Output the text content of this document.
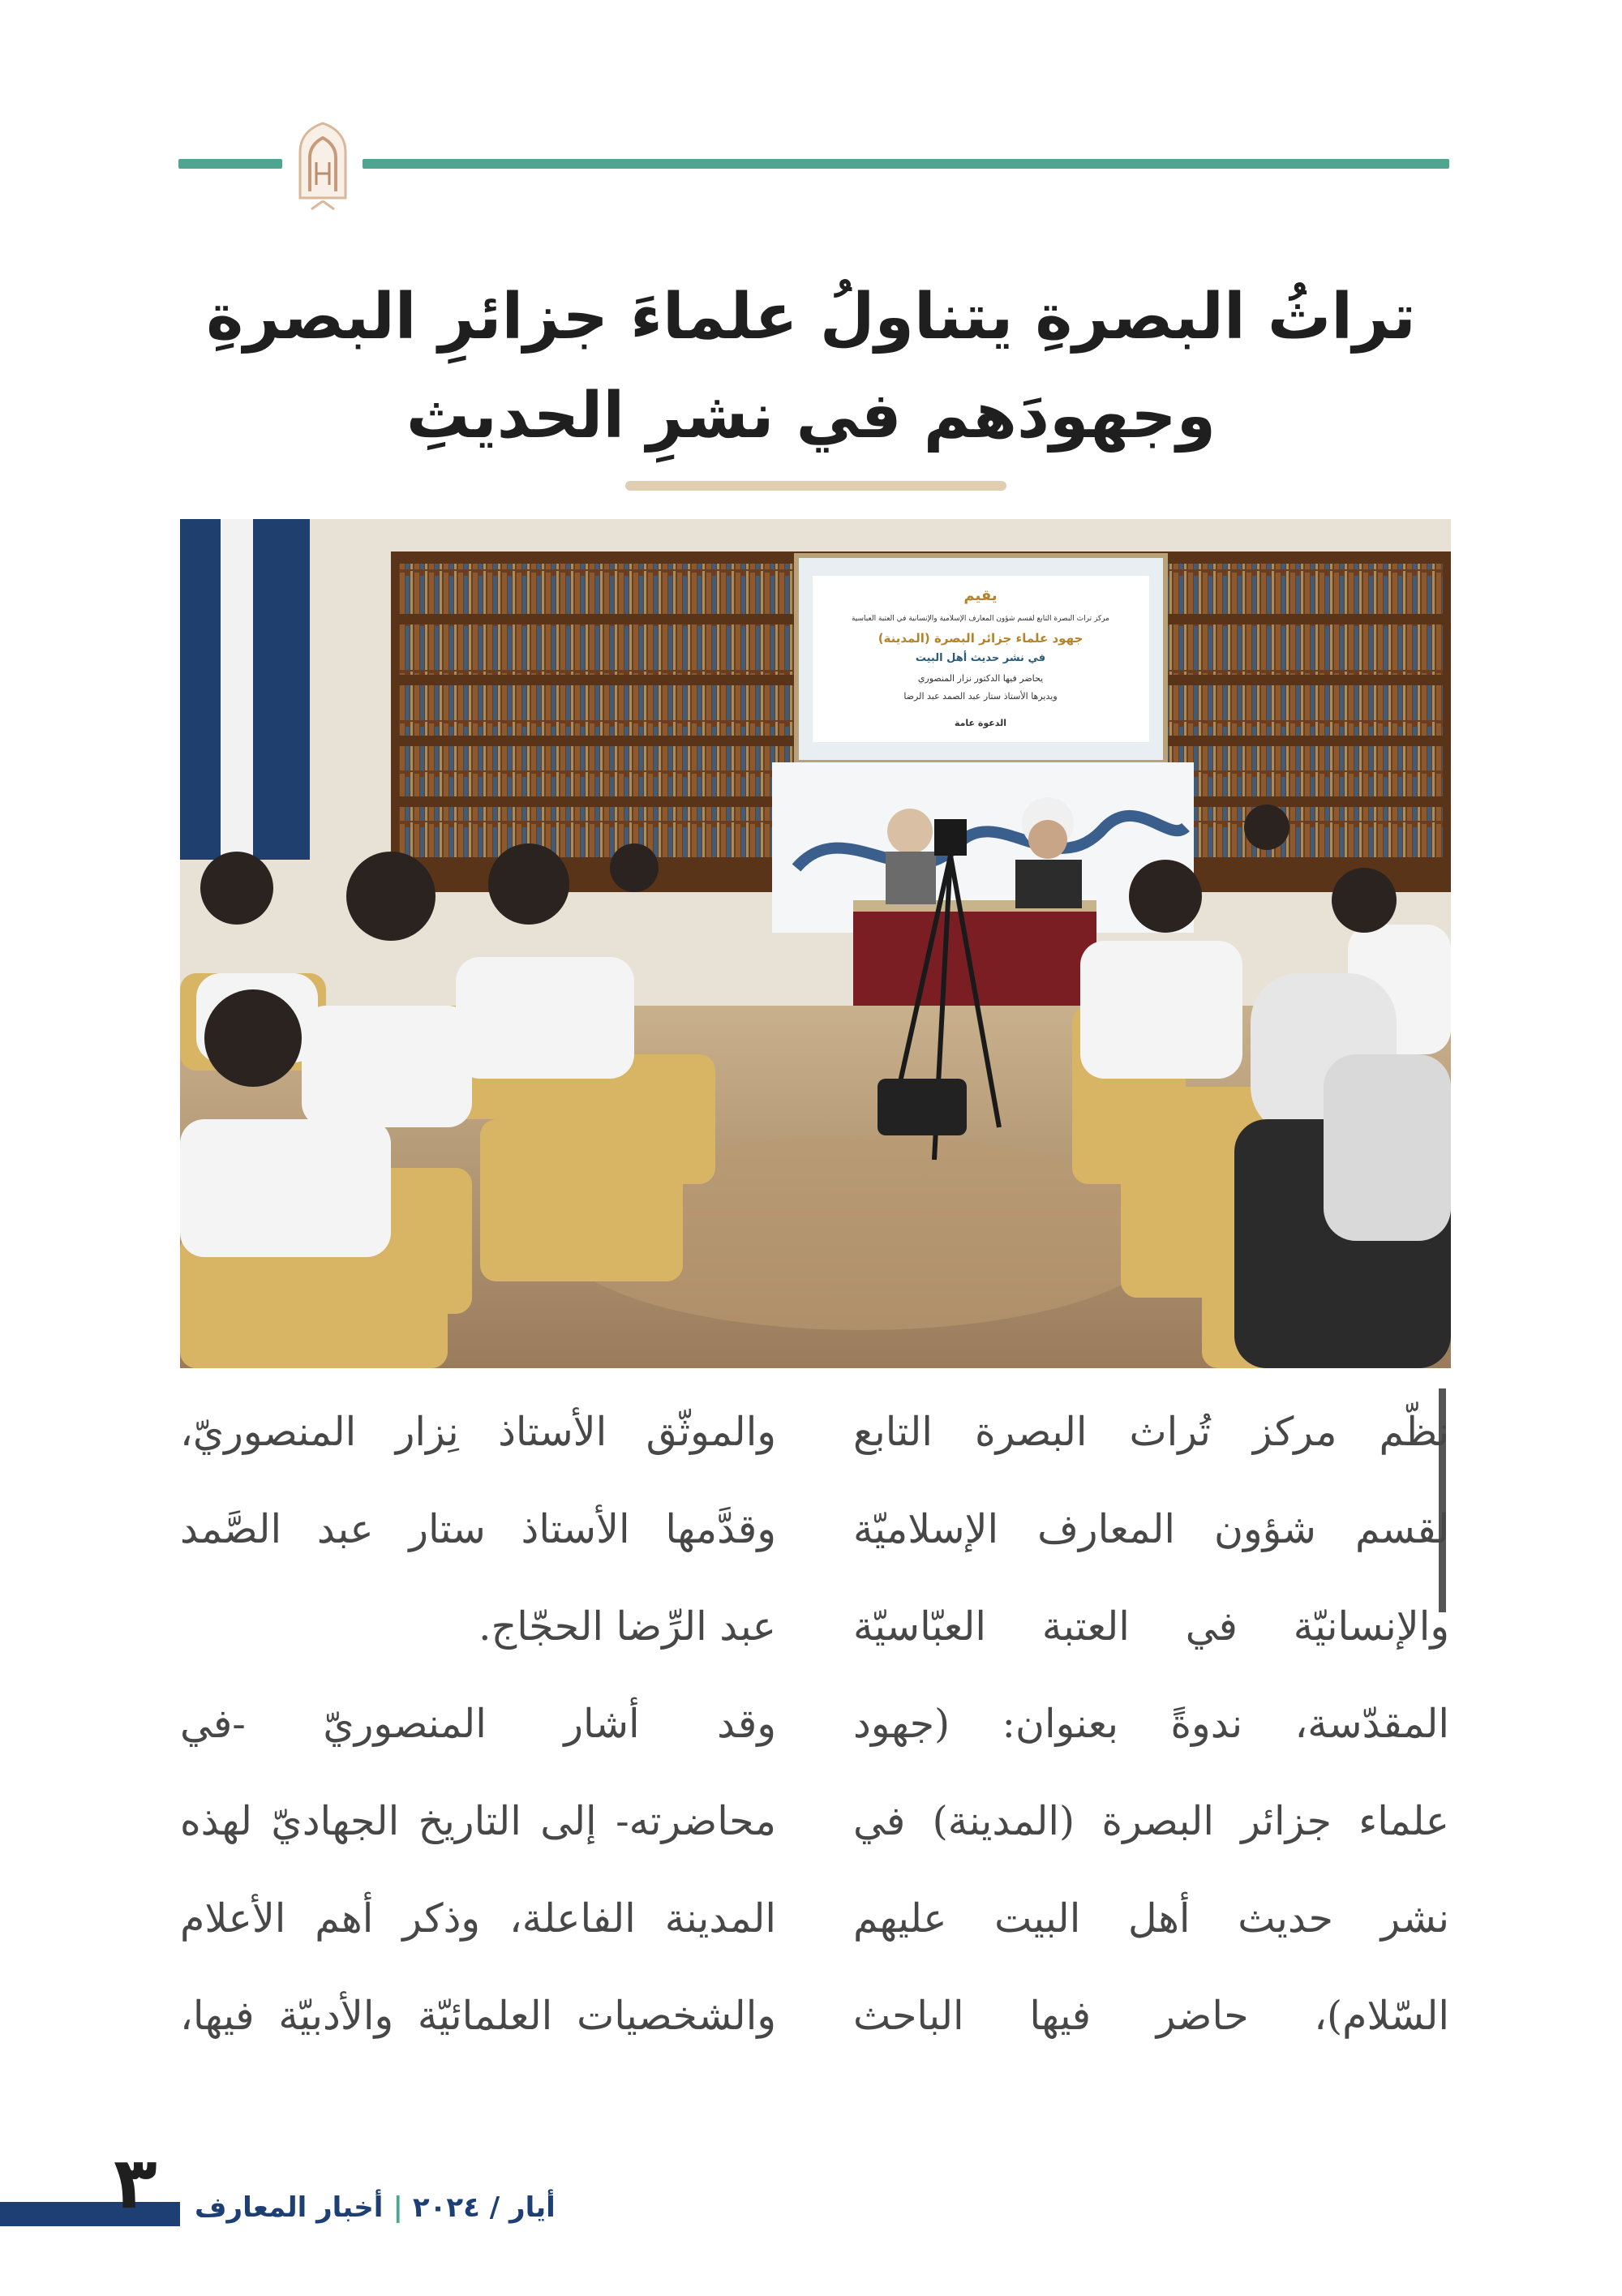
تراثُ البصرةِ يتناولُ علماءَ جزائرِ البصرةِ
وجهودَهم في نشرِ الحديثِ
يقيم
مركز تراث البصرة التابع لقسم شؤون المعارف الإسلامية والإنسانية في العتبة العباسية
جهود علماء جزائر البصرة (المدينة)
في نشر حديث أهل البيت
يحاضر فيها الدكتور نزار المنصوري
ويديرها الأستاذ ستار عبد الصمد عبد الرضا
الدعوة عامة

نظّم مركز تُراث البصرة التابع

لقسم شؤون المعارف الإسلاميّة

والإنسانيّة في العتبة العبّاسيّة

المقدّسة، ندوةً بعنوان: (جهود

علماء جزائر البصرة (المدينة) في

نشر حديث أهل البيت عليهم

السّلام)، حاضر فيها الباحث

والموثّق الأستاذ نِزار المنصوريّ،

وقدَّمها الأستاذ ستار عبد الصَّمد

عبد الرِّضا الحجّاج.

وقد أشار المنصوريّ -في

محاضرته- إلى التاريخ الجهاديّ لهذه

المدينة الفاعلة، وذكر أهم الأعلام

والشخصيات العلمائيّة والأدبيّة فيها،

٣	أيار / ٢٠٢٤|أخبار المعارف
